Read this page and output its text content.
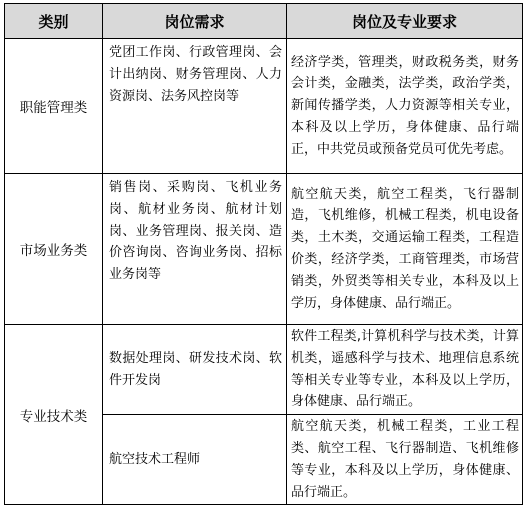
类别	岗位需求	岗位及专业要求
职能管理类	党团工作岗、行政管理岗、会计出纳岗、财务管理岗、人力资源岗、法务风控岗等	经济学类，管理类，财政税务类，财务会计类，金融类，法学类，政治学类，新闻传播学类，人力资源等相关专业，本科及以上学历，身体健康、品行端正，中共党员或预备党员可优先考虑。
市场业务类	销售岗、采购岗、飞机业务岗、航材业务岗、航材计划岗、业务管理岗、报关岗、造价咨询岗、咨询业务岗、招标业务岗等	航空航天类，航空工程类，飞行器制造，飞机维修，机械工程类，机电设备类，土木类，交通运输工程类，工程造价类，经济学类，工商管理类，市场营销类，外贸类等相关专业，本科及以上学历，身体健康、品行端正。
专业技术类	数据处理岗、研发技术岗、软件开发岗	软件工程类,计算机科学与技术类，计算机类，遥感科学与技术、地理信息系统等相关专业等专业，本科及以上学历，身体健康、品行端正。
	航空技术工程师	航空航天类，机械工程类，工业工程类、航空工程、飞行器制造、飞机维修等专业，本科及以上学历，身体健康、品行端正。
